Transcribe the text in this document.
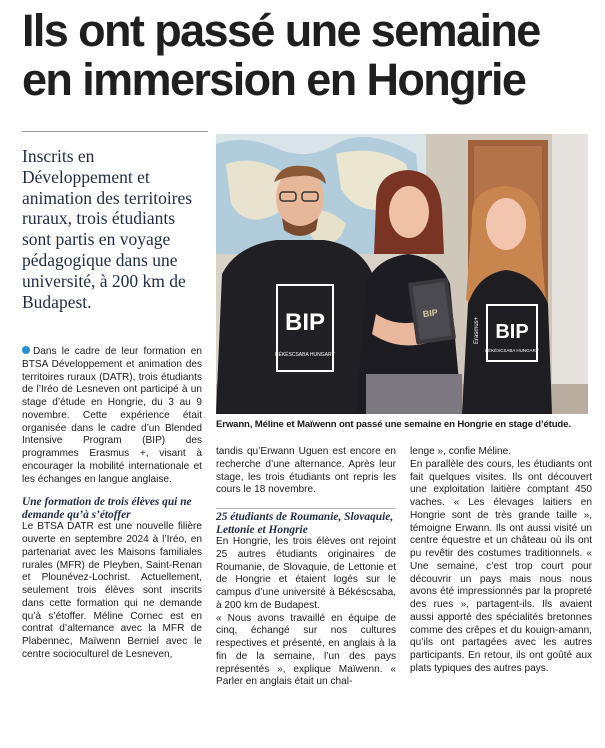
Ils ont passé une semaine en immersion en Hongrie

Inscrits en Développement et animation des territoires ruraux, trois étudiants sont partis en voyage pédagogique dans une université, à 200 km de Budapest.

BIP
BÉKÉSCSABA HUNGARY
BIP
BIP
BÉKÉSCSABA HUNGARY
Erasmus+
Erwann, Méline et Maïwenn ont passé une semaine en Hongrie en stage d’étude.
Dans le cadre de leur formation en BTSA Développement et animation des territoires ruraux (DATR), trois étudiants de l’Iréo de Lesneven ont participé à un stage d’étude en Hongrie, du 3 au 9 novembre. Cette expérience était organisée dans le cadre d’un Blended Intensive Program (BIP) des programmes Erasmus +, visant à encourager la mobilité internationale et les échanges en langue anglaise.
Une formation de trois élèves qui ne demande qu’à s’étoffer
Le BTSA DATR est une nouvelle filière ouverte en septembre 2024 à l’Iréo, en partenariat avec les Maisons familiales rurales (MFR) de Pleyben, Saint-Renan et Plounévez-Lochrist. Actuellement, seulement trois élèves sont inscrits dans cette formation qui ne demande qu’à s’étoffer. Méline Cornec est en contrat d’alternance avec la MFR de Plabennec, Maïwenn Berniel avec le centre socioculturel de Lesneven,
tandis qu’Erwann Uguen est encore en recherche d’une alternance. Après leur stage, les trois étudiants ont repris les cours le 18 novembre.
25 étudiants de Roumanie, Slovaquie, Lettonie et Hongrie
En Hongrie, les trois élèves ont rejoint 25 autres étudiants originaires de Roumanie, de Slovaquie, de Lettonie et de Hongrie et étaient logés sur le campus d’une université à Békéscsaba, à 200 km de Budapest.
« Nous avons travaillé en équipe de cinq, échangé sur nos cultures respectives et présenté, en anglais à la fin de la semaine, l’un des pays représentés », explique Maïwenn. « Parler en anglais était un chal-
lenge », confie Méline.
En parallèle des cours, les étudiants ont fait quelques visites. Ils ont découvert une exploitation laitière comptant 450 vaches. « Les élevages laitiers en Hongrie sont de très grande taille », témoigne Erwann. Ils ont aussi visité un centre équestre et un château où ils ont pu revêtir des costumes traditionnels. « Une semaine, c’est trop court pour découvrir un pays mais nous nous avons été impressionnés par la propreté des rues », partagent-ils. Ils avaient aussi apporté des spécialités bretonnes comme des crêpes et du kouign-amann, qu’ils ont partagées avec les autres participants. En retour, ils ont goûté aux plats typiques des autres pays.
